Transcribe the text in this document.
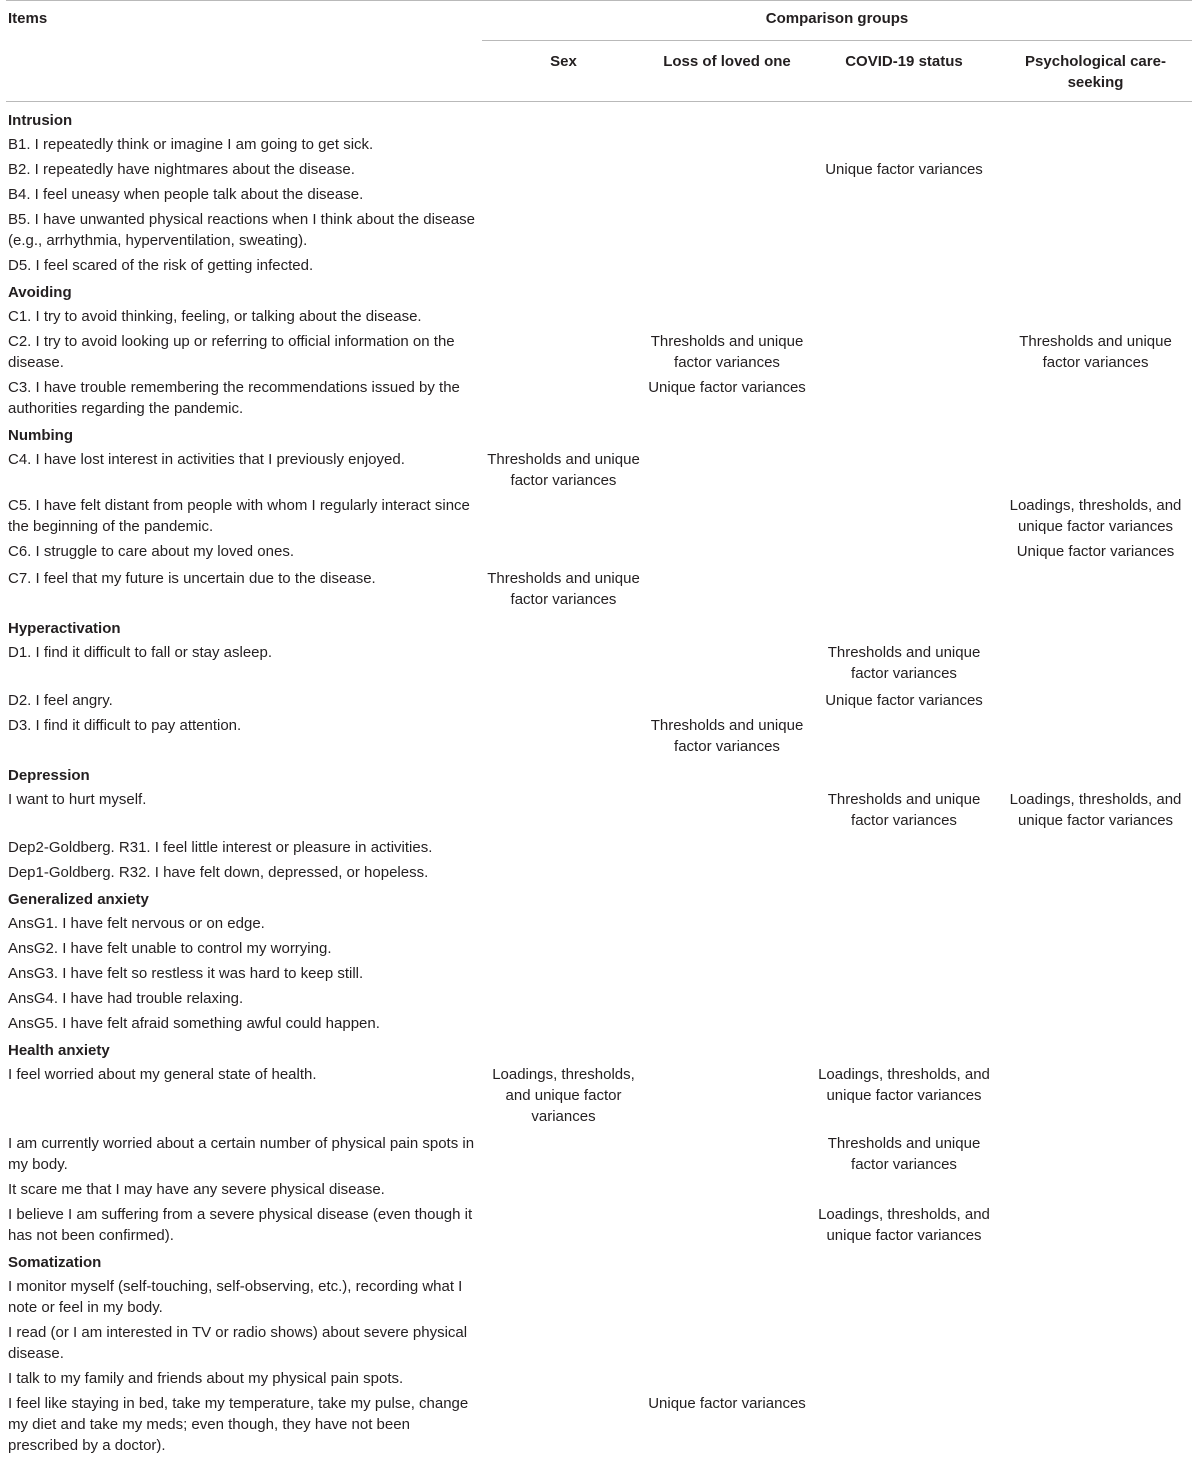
Items	Comparison groups			
	Sex	Loss of loved one	COVID-19 status	Psychological care-seeking
Intrusion				
B1. I repeatedly think or imagine I am going to get sick.				
B2. I repeatedly have nightmares about the disease.			Unique factor variances	
B4. I feel uneasy when people talk about the disease.				
B5. I have unwanted physical reactions when I think about the disease (e.g., arrhythmia, hyperventilation, sweating).				
D5. I feel scared of the risk of getting infected.				
Avoiding				
C1. I try to avoid thinking, feeling, or talking about the disease.				
C2. I try to avoid looking up or referring to official information on the disease.		Thresholds and unique factor variances		Thresholds and unique factor variances
C3. I have trouble remembering the recommendations issued by the authorities regarding the pandemic.		Unique factor variances		
Numbing				
C4. I have lost interest in activities that I previously enjoyed.	Thresholds and unique factor variances			
C5. I have felt distant from people with whom I regularly interact since the beginning of the pandemic.				Loadings, thresholds, and unique factor variances
C6. I struggle to care about my loved ones.				Unique factor variances
C7. I feel that my future is uncertain due to the disease.	Thresholds and unique factor variances			
Hyperactivation				
D1. I find it difficult to fall or stay asleep.			Thresholds and unique factor variances	
D2. I feel angry.			Unique factor variances	
D3. I find it difficult to pay attention.		Thresholds and unique factor variances		
Depression				
I want to hurt myself.			Thresholds and unique factor variances	Loadings, thresholds, and unique factor variances
Dep2-Goldberg. R31. I feel little interest or pleasure in activities.				
Dep1-Goldberg. R32. I have felt down, depressed, or hopeless.				
Generalized anxiety				
AnsG1. I have felt nervous or on edge.				
AnsG2. I have felt unable to control my worrying.				
AnsG3. I have felt so restless it was hard to keep still.				
AnsG4. I have had trouble relaxing.				
AnsG5. I have felt afraid something awful could happen.				
Health anxiety				
I feel worried about my general state of health.	Loadings, thresholds, and unique factor variances		Loadings, thresholds, and unique factor variances	
I am currently worried about a certain number of physical pain spots in my body.			Thresholds and unique factor variances	
It scare me that I may have any severe physical disease.				
I believe I am suffering from a severe physical disease (even though it has not been confirmed).			Loadings, thresholds, and unique factor variances	
Somatization				
I monitor myself (self-touching, self-observing, etc.), recording what I note or feel in my body.				
I read (or I am interested in TV or radio shows) about severe physical disease.				
I talk to my family and friends about my physical pain spots.				
I feel like staying in bed, take my temperature, take my pulse, change my diet and take my meds; even though, they have not been prescribed by a doctor).		Unique factor variances		
